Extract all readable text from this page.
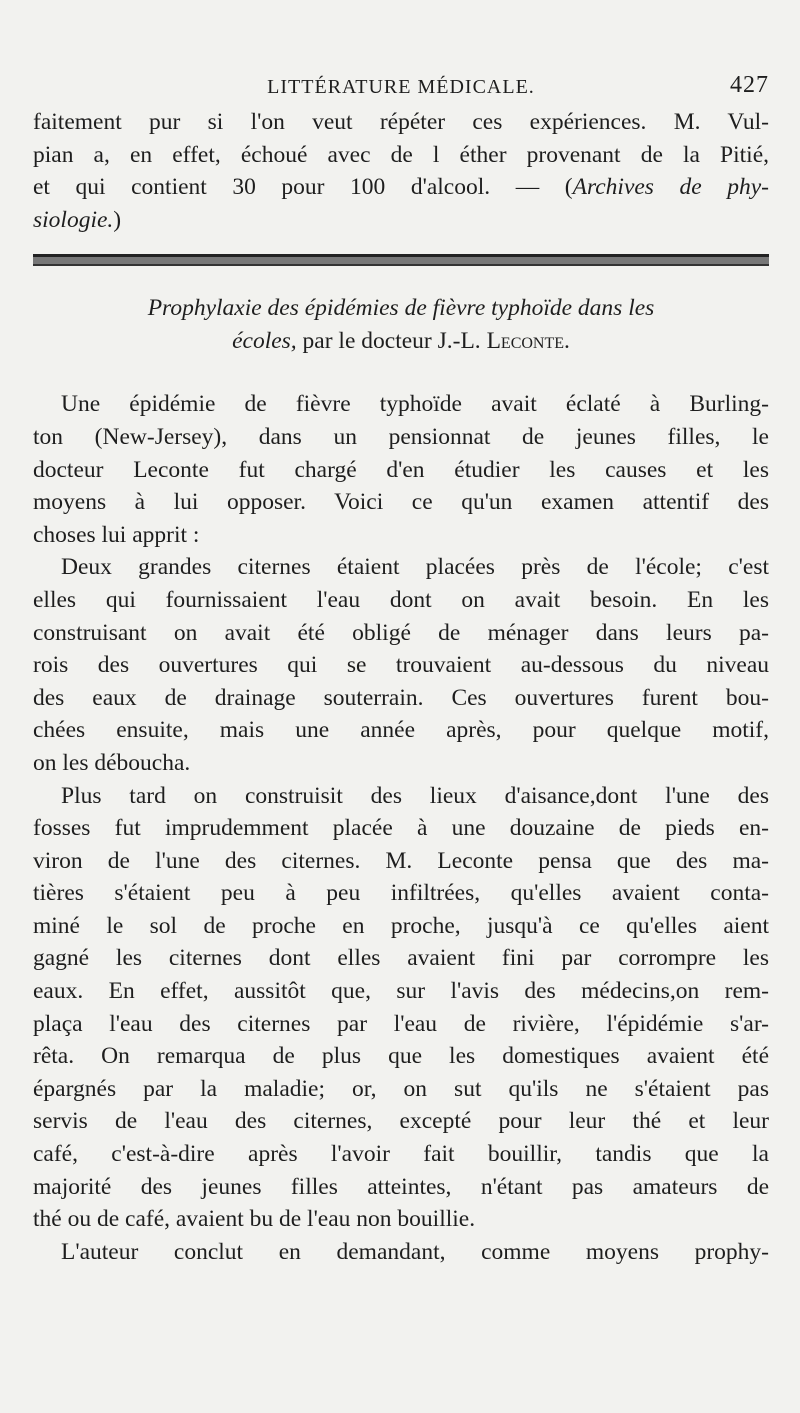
LITTÉRATURE MÉDICALE.	427

faitement pur si l'on veut répéter ces expériences. M. Vul-

pian a, en effet, échoué avec de l éther provenant de la Pitié,

et qui contient 30 pour 100 d'alcool. — (Archives de phy-

siologie.)

Prophylaxie des épidémies de fièvre typhoïde dans les
écoles, par le docteur J.-L. Leconte.

Une épidémie de fièvre typhoïde avait éclaté à Burling-

ton (New-Jersey), dans un pensionnat de jeunes filles, le

docteur Leconte fut chargé d'en étudier les causes et les

moyens à lui opposer. Voici ce qu'un examen attentif des

choses lui apprit :

Deux grandes citernes étaient placées près de l'école; c'est

elles qui fournissaient l'eau dont on avait besoin. En les

construisant on avait été obligé de ménager dans leurs pa-

rois des ouvertures qui se trouvaient au-dessous du niveau

des eaux de drainage souterrain. Ces ouvertures furent bou-

chées ensuite, mais une année après, pour quelque motif,

on les déboucha.

Plus tard on construisit des lieux d'aisance,dont l'une des

fosses fut imprudemment placée à une douzaine de pieds en-

viron de l'une des citernes. M. Leconte pensa que des ma-

tières s'étaient peu à peu infiltrées, qu'elles avaient conta-

miné le sol de proche en proche, jusqu'à ce qu'elles aient

gagné les citernes dont elles avaient fini par corrompre les

eaux. En effet, aussitôt que, sur l'avis des médecins,on rem-

plaça l'eau des citernes par l'eau de rivière, l'épidémie s'ar-

rêta. On remarqua de plus que les domestiques avaient été

épargnés par la maladie; or, on sut qu'ils ne s'étaient pas

servis de l'eau des citernes, excepté pour leur thé et leur

café, c'est-à-dire après l'avoir fait bouillir, tandis que la

majorité des jeunes filles atteintes, n'étant pas amateurs de

thé ou de café, avaient bu de l'eau non bouillie.

L'auteur conclut en demandant, comme moyens prophy-
